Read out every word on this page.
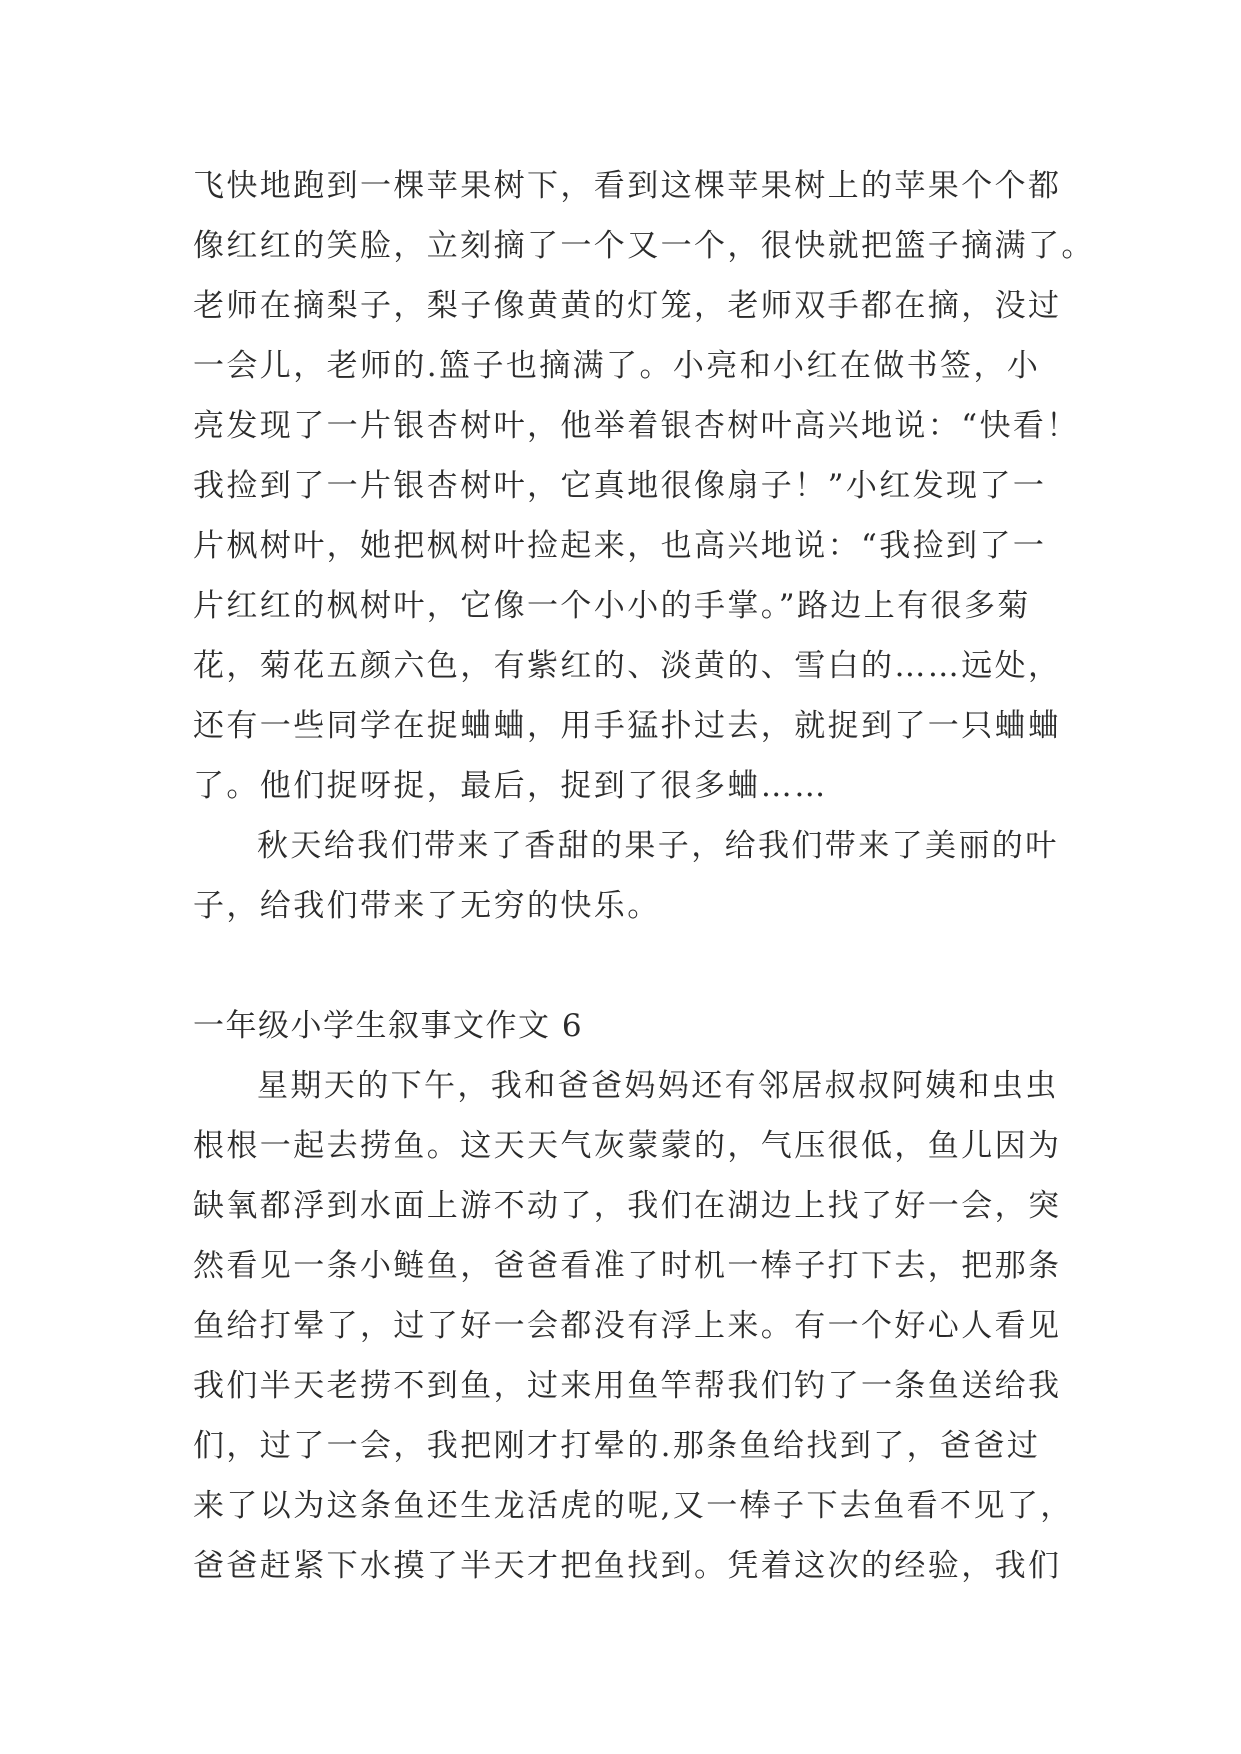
飞快地跑到一棵苹果树下，看到这棵苹果树上的苹果个个都
像红红的笑脸，立刻摘了一个又一个，很快就把篮子摘满了。
老师在摘梨子，梨子像黄黄的灯笼，老师双手都在摘，没过
一会儿，老师的.篮子也摘满了。小亮和小红在做书签，小
亮发现了一片银杏树叶，他举着银杏树叶高兴地说：“快看！
我捡到了一片银杏树叶，它真地很像扇子！”小红发现了一
片枫树叶，她把枫树叶捡起来，也高兴地说：“我捡到了一
片红红的枫树叶，它像一个小小的手掌。”路边上有很多菊
花，菊花五颜六色，有紫红的、淡黄的、雪白的……远处，
还有一些同学在捉蛐蛐，用手猛扑过去，就捉到了一只蛐蛐
了。他们捉呀捉，最后，捉到了很多蛐……
秋天给我们带来了香甜的果子，给我们带来了美丽的叶
子，给我们带来了无穷的快乐。
一年级小学生叙事文作文 6
星期天的下午，我和爸爸妈妈还有邻居叔叔阿姨和虫虫
根根一起去捞鱼。这天天气灰蒙蒙的，气压很低，鱼儿因为
缺氧都浮到水面上游不动了，我们在湖边上找了好一会，突
然看见一条小鲢鱼，爸爸看准了时机一棒子打下去，把那条
鱼给打晕了，过了好一会都没有浮上来。有一个好心人看见
我们半天老捞不到鱼，过来用鱼竿帮我们钓了一条鱼送给我
们，过了一会，我把刚才打晕的.那条鱼给找到了，爸爸过
来了以为这条鱼还生龙活虎的呢,又一棒子下去鱼看不见了，
爸爸赶紧下水摸了半天才把鱼找到。凭着这次的经验，我们
